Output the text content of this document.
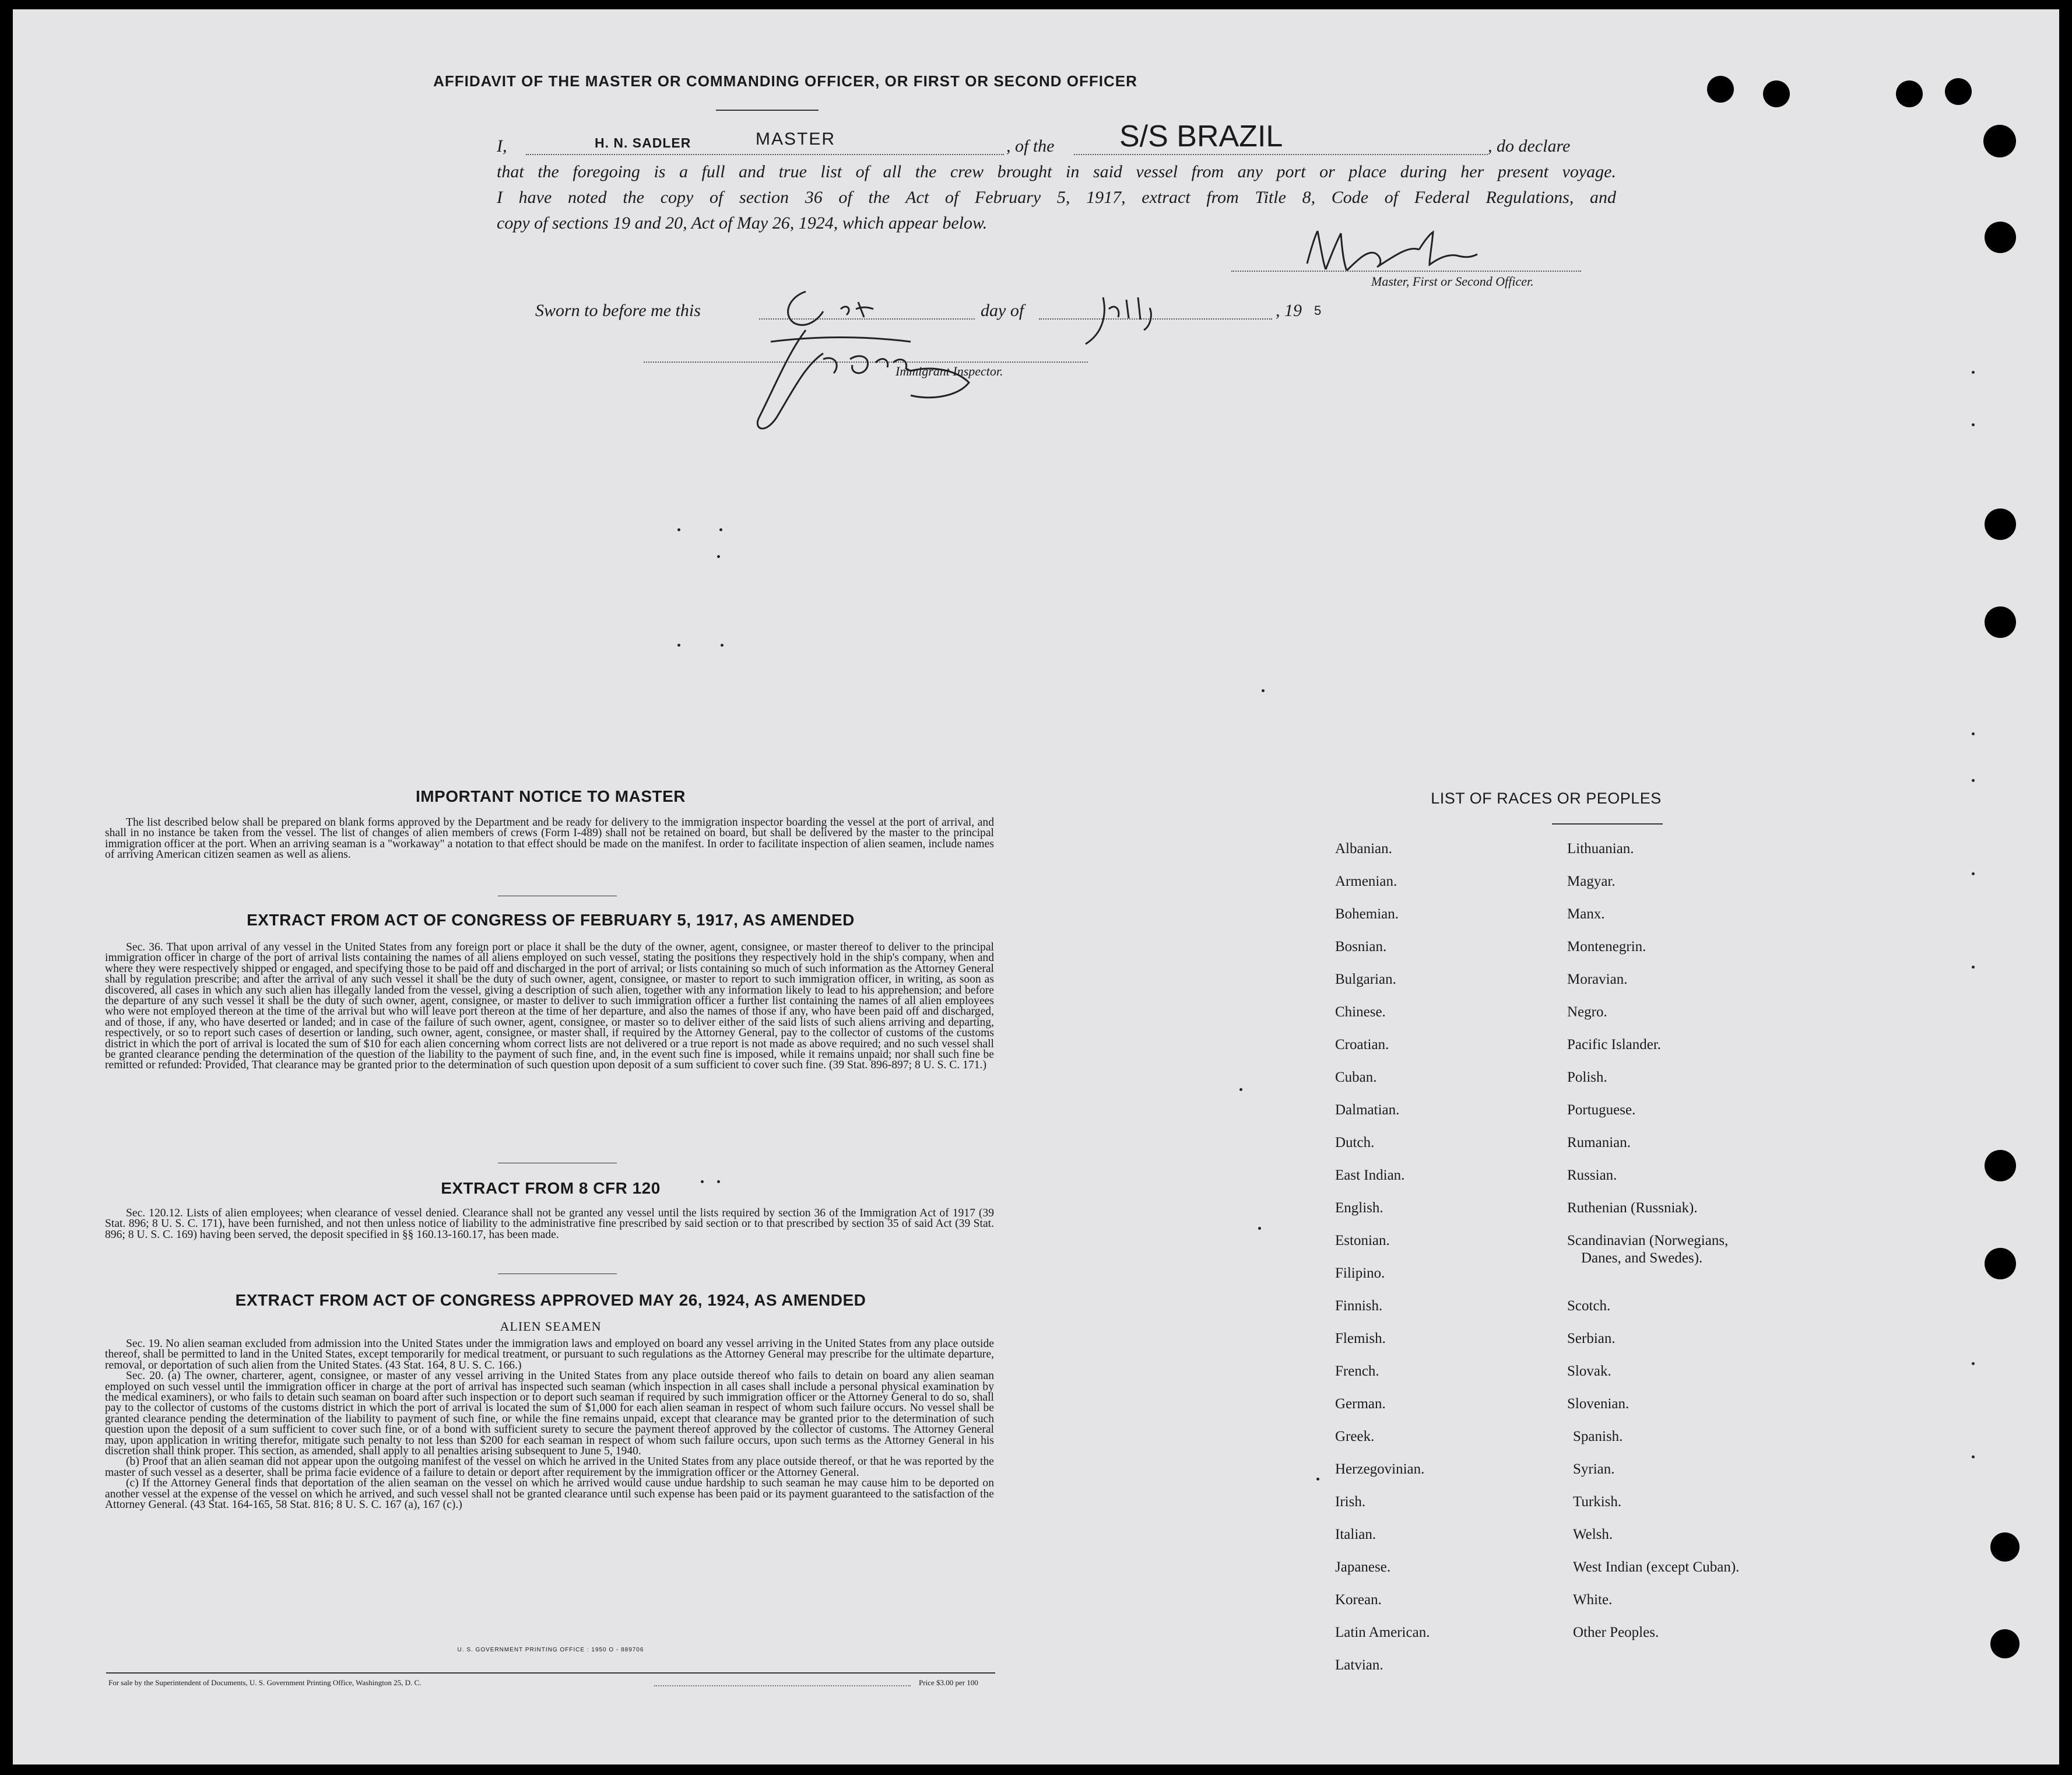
AFFIDAVIT OF THE MASTER OR COMMANDING OFFICER, OR FIRST OR SECOND OFFICER
I,	H. N. SADLER	MASTER	, of the S/S BRAZIL	, do declare
that the foregoing is a full and true list of all the crew brought in said vessel from any port or place during her present voyage.
I have noted the copy of section 36 of the Act of February 5, 1917, extract from Title 8, Code of Federal Regulations, and
copy of sections 19 and 20, Act of May 26, 1924, which appear below.
Master, First or Second Officer.
Sworn to before me this	day of	, 19 5
Immigrant Inspector.
IMPORTANT NOTICE TO MASTER

The list described below shall be prepared on blank forms approved by the Department and be ready for delivery to the immigration inspector boarding the vessel at the port of arrival, and shall in no instance be taken from the vessel. The list of changes of alien members of crews (Form I-489) shall not be retained on board, but shall be delivered by the master to the principal immigration officer at the port. When an arriving seaman is a "workaway" a notation to that effect should be made on the manifest. In order to facilitate inspection of alien seamen, include names of arriving American citizen seamen as well as aliens.

EXTRACT FROM ACT OF CONGRESS OF FEBRUARY 5, 1917, AS AMENDED

Sec. 36. That upon arrival of any vessel in the United States from any foreign port or place it shall be the duty of the owner, agent, consignee, or master thereof to deliver to the principal immigration officer in charge of the port of arrival lists containing the names of all aliens employed on such vessel, stating the positions they respectively hold in the ship's company, when and where they were respectively shipped or engaged, and specifying those to be paid off and discharged in the port of arrival; or lists containing so much of such information as the Attorney General shall by regulation prescribe; and after the arrival of any such vessel it shall be the duty of such owner, agent, consignee, or master to report to such immigration officer, in writing, as soon as discovered, all cases in which any such alien has illegally landed from the vessel, giving a description of such alien, together with any information likely to lead to his apprehension; and before the departure of any such vessel it shall be the duty of such owner, agent, consignee, or master to deliver to such immigration officer a further list containing the names of all alien employees who were not employed thereon at the time of the arrival but who will leave port thereon at the time of her departure, and also the names of those if any, who have been paid off and discharged, and of those, if any, who have deserted or landed; and in case of the failure of such owner, agent, consignee, or master so to deliver either of the said lists of such aliens arriving and departing, respectively, or so to report such cases of desertion or landing, such owner, agent, consignee, or master shall, if required by the Attorney General, pay to the collector of customs of the customs district in which the port of arrival is located the sum of $10 for each alien concerning whom correct lists are not delivered or a true report is not made as above required; and no such vessel shall be granted clearance pending the determination of the question of the liability to the payment of such fine, and, in the event such fine is imposed, while it remains unpaid; nor shall such fine be remitted or refunded: Provided, That clearance may be granted prior to the determination of such question upon deposit of a sum sufficient to cover such fine. (39 Stat. 896-897; 8 U. S. C. 171.)

EXTRACT FROM 8 CFR 120

Sec. 120.12. Lists of alien employees; when clearance of vessel denied. Clearance shall not be granted any vessel until the lists required by section 36 of the Immigration Act of 1917 (39 Stat. 896; 8 U. S. C. 171), have been furnished, and not then unless notice of liability to the administrative fine prescribed by said section or to that prescribed by section 35 of said Act (39 Stat. 896; 8 U. S. C. 169) having been served, the deposit specified in §§ 160.13-160.17, has been made.

EXTRACT FROM ACT OF CONGRESS APPROVED MAY 26, 1924, AS AMENDED
ALIEN SEAMEN

Sec. 19. No alien seaman excluded from admission into the United States under the immigration laws and employed on board any vessel arriving in the United States from any place outside thereof, shall be permitted to land in the United States, except temporarily for medical treatment, or pursuant to such regulations as the Attorney General may prescribe for the ultimate departure, removal, or deportation of such alien from the United States. (43 Stat. 164, 8 U. S. C. 166.)

Sec. 20. (a) The owner, charterer, agent, consignee, or master of any vessel arriving in the United States from any place outside thereof who fails to detain on board any alien seaman employed on such vessel until the immigration officer in charge at the port of arrival has inspected such seaman (which inspection in all cases shall include a personal physical examination by the medical examiners), or who fails to detain such seaman on board after such inspection or to deport such seaman if required by such immigration officer or the Attorney General to do so, shall pay to the collector of customs of the customs district in which the port of arrival is located the sum of $1,000 for each alien seaman in respect of whom such failure occurs. No vessel shall be granted clearance pending the determination of the liability to payment of such fine, or while the fine remains unpaid, except that clearance may be granted prior to the determination of such question upon the deposit of a sum sufficient to cover such fine, or of a bond with sufficient surety to secure the payment thereof approved by the collector of customs. The Attorney General may, upon application in writing therefor, mitigate such penalty to not less than $200 for each seaman in respect of whom such failure occurs, upon such terms as the Attorney General in his discretion shall think proper. This section, as amended, shall apply to all penalties arising subsequent to June 5, 1940.

(b) Proof that an alien seaman did not appear upon the outgoing manifest of the vessel on which he arrived in the United States from any place outside thereof, or that he was reported by the master of such vessel as a deserter, shall be prima facie evidence of a failure to detain or deport after requirement by the immigration officer or the Attorney General.

(c) If the Attorney General finds that deportation of the alien seaman on the vessel on which he arrived would cause undue hardship to such seaman he may cause him to be deported on another vessel at the expense of the vessel on which he arrived, and such vessel shall not be granted clearance until such expense has been paid or its payment guaranteed to the satisfaction of the Attorney General. (43 Stat. 164-165, 58 Stat. 816; 8 U. S. C. 167 (a), 167 (c).)

U. S. GOVERNMENT PRINTING OFFICE : 1950 O - 889706
For sale by the Superintendent of Documents, U. S. Government Printing Office, Washington 25, D. C.	Price $3.00 per 100
LIST OF RACES OR PEOPLES
Albanian.
Armenian.
Bohemian.
Bosnian.
Bulgarian.
Chinese.
Croatian.
Cuban.
Dalmatian.
Dutch.
East Indian.
English.
Estonian.
Filipino.
Finnish.
Flemish.
French.
German.
Greek.
Herzegovinian.
Irish.
Italian.
Japanese.
Korean.
Latin American.
Latvian.
Lithuanian.
Magyar.
Manx.
Montenegrin.
Moravian.
Negro.
Pacific Islander.
Polish.
Portuguese.
Rumanian.
Russian.
Ruthenian (Russniak).
Scandinavian (Norwegians,
Danes, and Swedes).
Scotch.
Serbian.
Slovak.
Slovenian.
Spanish.
Syrian.
Turkish.
Welsh.
West Indian (except Cuban).
White.
Other Peoples.
